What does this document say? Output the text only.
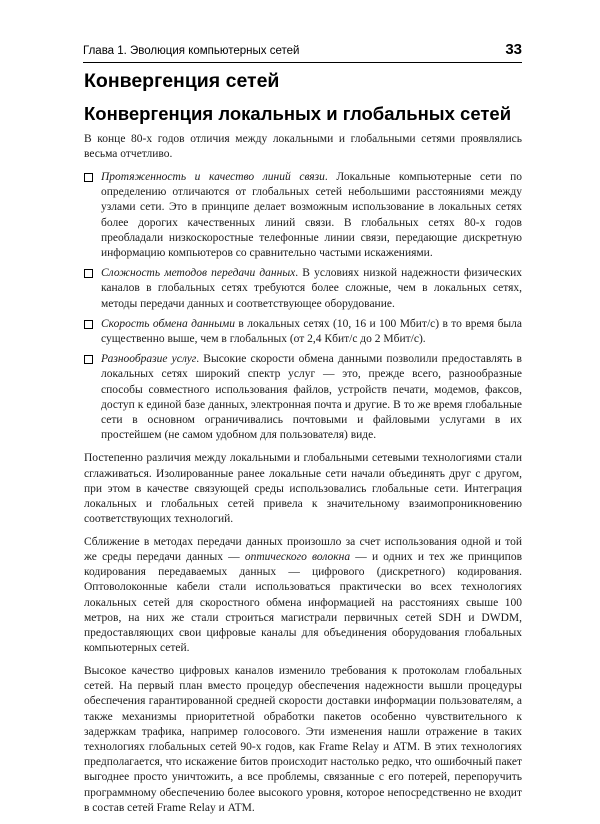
Глава 1. Эволюция компьютерных сетей	33
Конвергенция сетей
Конвергенция локальных и глобальных сетей

В конце 80-х годов отличия между локальными и глобальными сетями проявлялись весьма отчетливо.

Протяженность и качество линий связи. Локальные компьютерные сети по определению отличаются от глобальных сетей небольшими расстояниями между узлами сети. Это в принципе делает возможным использование в локальных сетях более дорогих качественных линий связи. В глобальных сетях 80-х годов преобладали низкоскоростные телефонные линии связи, передающие дискретную информацию компьютеров со сравнительно частыми искажениями.
Сложность методов передачи данных. В условиях низкой надежности физических каналов в глобальных сетях требуются более сложные, чем в локальных сетях, методы передачи данных и соответствующее оборудование.
Скорость обмена данными в локальных сетях (10, 16 и 100 Мбит/с) в то время была существенно выше, чем в глобальных (от 2,4 Кбит/с до 2 Мбит/с).
Разнообразие услуг. Высокие скорости обмена данными позволили предоставлять в локальных сетях широкий спектр услуг — это, прежде всего, разнообразные способы совместного использования файлов, устройств печати, модемов, факсов, доступ к единой базе данных, электронная почта и другие. В то же время глобальные сети в основном ограничивались почтовыми и файловыми услугами в их простейшем (не самом удобном для пользователя) виде.

Постепенно различия между локальными и глобальными сетевыми технологиями стали сглаживаться. Изолированные ранее локальные сети начали объединять друг с другом, при этом в качестве связующей среды использовались глобальные сети. Интеграция локальных и глобальных сетей привела к значительному взаимопроникновению соответствующих технологий.

Сближение в методах передачи данных произошло за счет использования одной и той же среды передачи данных — оптического волокна — и одних и тех же принципов кодирования передаваемых данных — цифрового (дискретного) кодирования. Оптоволоконные кабели стали использоваться практически во всех технологиях локальных сетей для скоростного обмена информацией на расстояниях свыше 100 метров, на них же стали строиться магистрали первичных сетей SDH и DWDM, предоставляющих свои цифровые каналы для объединения оборудования глобальных компьютерных сетей.

Высокое качество цифровых каналов изменило требования к протоколам глобальных сетей. На первый план вместо процедур обеспечения надежности вышли процедуры обеспечения гарантированной средней скорости доставки информации пользователям, а также механизмы приоритетной обработки пакетов особенно чувствительного к задержкам трафика, например голосового. Эти изменения нашли отражение в таких технологиях глобальных сетей 90-х годов, как Frame Relay и ATM. В этих технологиях предполагается, что искажение битов происходит настолько редко, что ошибочный пакет выгоднее просто уничтожить, а все проблемы, связанные с его потерей, перепоручить программному обеспечению более высокого уровня, которое непосредственно не входит в состав сетей Frame Relay и ATM.
